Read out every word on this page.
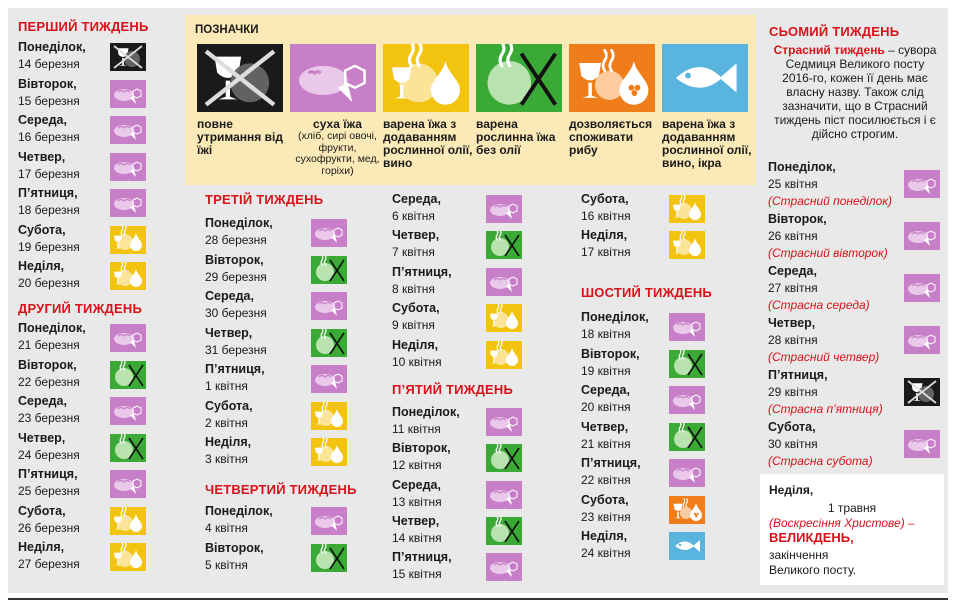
ПОЗНАЧКИ
повне утримання від їжі
суха їжа
(хліб, сирі овочі, фрукти, сухофрукти, мед, горіхи)
варена їжа з додаванням рослинної олії, вино
варена рослинна їжа без олії
дозволяється споживати рибу
варена їжа з додаванням рослинної олії, вино, ікра
СЬОМИЙ ТИЖДЕНЬ
Страсний тиждень – сувора Седмиця Великого посту 2016-го, кожен її день має власну назву. Також слід зазначити, що в Страсний тиждень піст посилюється і є дійсно строгим.
Неділя,
1 травня
(Воскресіння Христове) –
ВЕЛИКДЕНЬ,
закінчення
Великого посту.
ПЕРШИЙ ТИЖДЕНЬ
Понеділок,
14 березня
Вівторок,
15 березня
Середа,
16 березня
Четвер,
17 березня
П’ятниця,
18 березня
Субота,
19 березня
Неділя,
20 березня
ДРУГИЙ ТИЖДЕНЬ
Понеділок,
21 березня
Вівторок,
22 березня
Середа,
23 березня
Четвер,
24 березня
П’ятниця,
25 березня
Субота,
26 березня
Неділя,
27 березня
ТРЕТІЙ ТИЖДЕНЬ
Понеділок,
28 березня
Вівторок,
29 березня
Середа,
30 березня
Четвер,
31 березня
П’ятниця,
1 квітня
Субота,
2 квітня
Неділя,
3 квітня
ЧЕТВЕРТИЙ ТИЖДЕНЬ
Понеділок,
4 квітня
Вівторок,
5 квітня
Середа,
6 квітня
Четвер,
7 квітня
П’ятниця,
8 квітня
Субота,
9 квітня
Неділя,
10 квітня
П’ЯТИЙ ТИЖДЕНЬ
Понеділок,
11 квітня
Вівторок,
12 квітня
Середа,
13 квітня
Четвер,
14 квітня
П’ятниця,
15 квітня
Субота,
16 квітня
Неділя,
17 квітня
ШОСТИЙ ТИЖДЕНЬ
Понеділок,
18 квітня
Вівторок,
19 квітня
Середа,
20 квітня
Четвер,
21 квітня
П’ятниця,
22 квітня
Субота,
23 квітня
Неділя,
24 квітня
Понеділок,
25 квітня
(Страсний понеділок)
Вівторок,
26 квітня
(Страсний вівторок)
Середа,
27 квітня
(Страсна середа)
Четвер,
28 квітня
(Страсний четвер)
П’ятниця,
29 квітня
(Страсна п’ятниця)
Субота,
30 квітня
(Страсна субота)
